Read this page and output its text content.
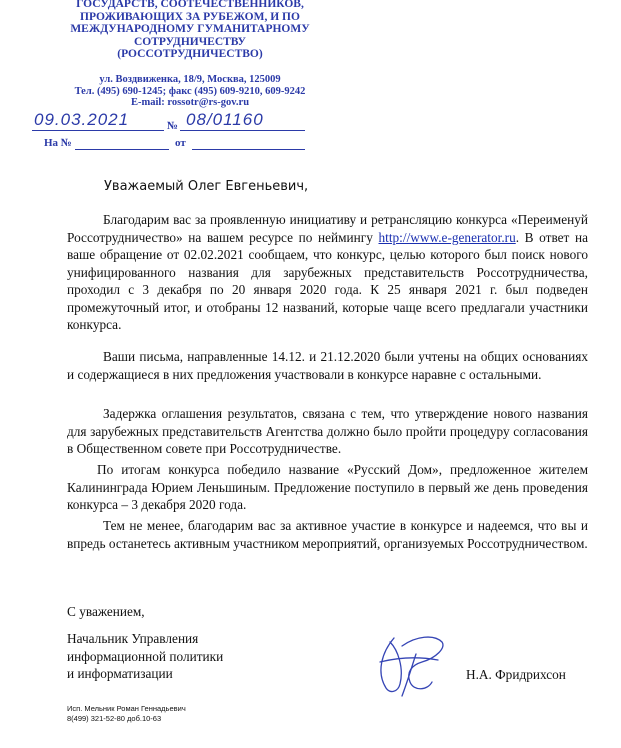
ГОСУДАРСТВ, СООТЕЧЕСТВЕННИКОВ,
ПРОЖИВАЮЩИХ ЗА РУБЕЖОМ, И ПО
МЕЖДУНАРОДНОМУ ГУМАНИТАРНОМУ
СОТРУДНИЧЕСТВУ
(РОССОТРУДНИЧЕСТВО)
ул. Воздвиженка, 18/9, Москва, 125009
Тел. (495) 690-1245; факс (495) 609-9210, 609-9242
E-mail: rossotr@rs-gov.ru
09.03.2021	№ 08/01160
На №	от
Уважаемый Олег Евгеньевич,
Благодарим вас за проявленную инициативу и ретрансляцию конкурса «Переименуй Россотрудничество» на вашем ресурсе по неймингу http://www.e-generator.ru. В ответ на ваше обращение от 02.02.2021 сообщаем, что конкурс, целью которого был поиск нового унифицированного названия для зарубежных представительств Россотрудничества, проходил с 3 декабря по 20 января 2020 года. К 25 января 2021 г. был подведен промежуточный итог, и отобраны 12 названий, которые чаще всего предлагали участники конкурса.
Ваши письма, направленные 14.12. и 21.12.2020 были учтены на общих основаниях и содержащиеся в них предложения участвовали в конкурсе наравне с остальными.
Задержка оглашения результатов, связана с тем, что утверждение нового названия для зарубежных представительств Агентства должно было пройти процедуру согласования в Общественном совете при Россотрудничестве.
По итогам конкурса победило название «Русский Дом», предложенное жителем Калининграда Юрием Леньшиным. Предложение поступило в первый же день проведения конкурса – 3 декабря 2020 года.
Тем не менее, благодарим вас за активное участие в конкурсе и надеемся, что вы и впредь останетесь активным участником мероприятий, организуемых Россотрудничеством.
С уважением,
Начальник Управления
информационной политики
и информатизации	Н.А. Фридрихсон
Исп. Мельник Роман Геннадьевич
8(499) 321-52-80 доб.10-63
